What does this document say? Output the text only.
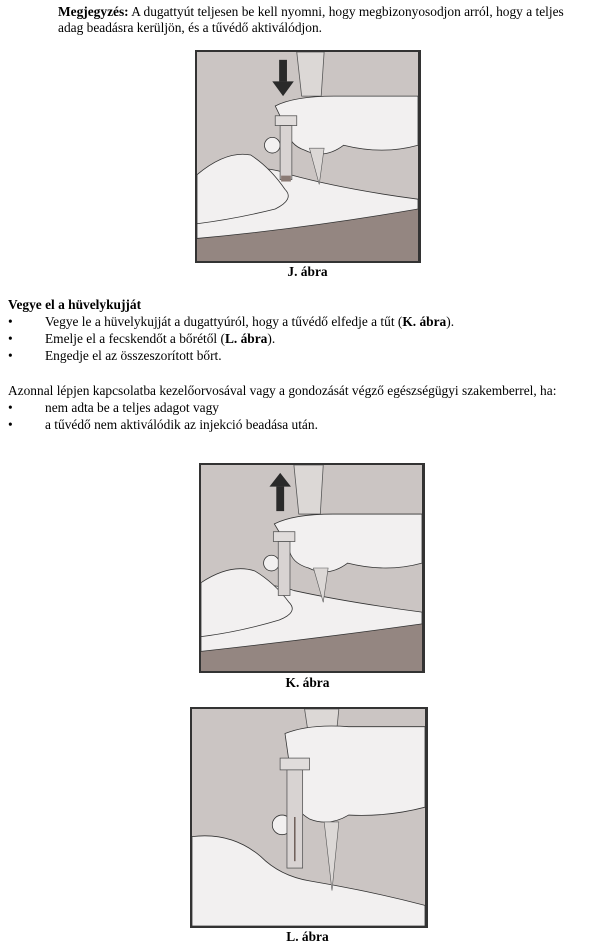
Megjegyzés: A dugattyút teljesen be kell nyomni, hogy megbizonyosodjon arról, hogy a teljes

adag beadásra kerüljön, és a tűvédő aktiválódjon.

J. ábra

Vegye el a hüvelykujját

• Vegye le a hüvelykujját a dugattyúról, hogy a tűvédő elfedje a tűt (K. ábra).
• Emelje el a fecskendőt a bőrétől (L. ábra).
• Engedje el az összeszorított bőrt.

Azonnal lépjen kapcsolatba kezelőorvosával vagy a gondozását végző egészségügyi szakemberrel, ha:

• nem adta be a teljes adagot vagy
• a tűvédő nem aktiválódik az injekció beadása után.
K. ábra
L. ábra
